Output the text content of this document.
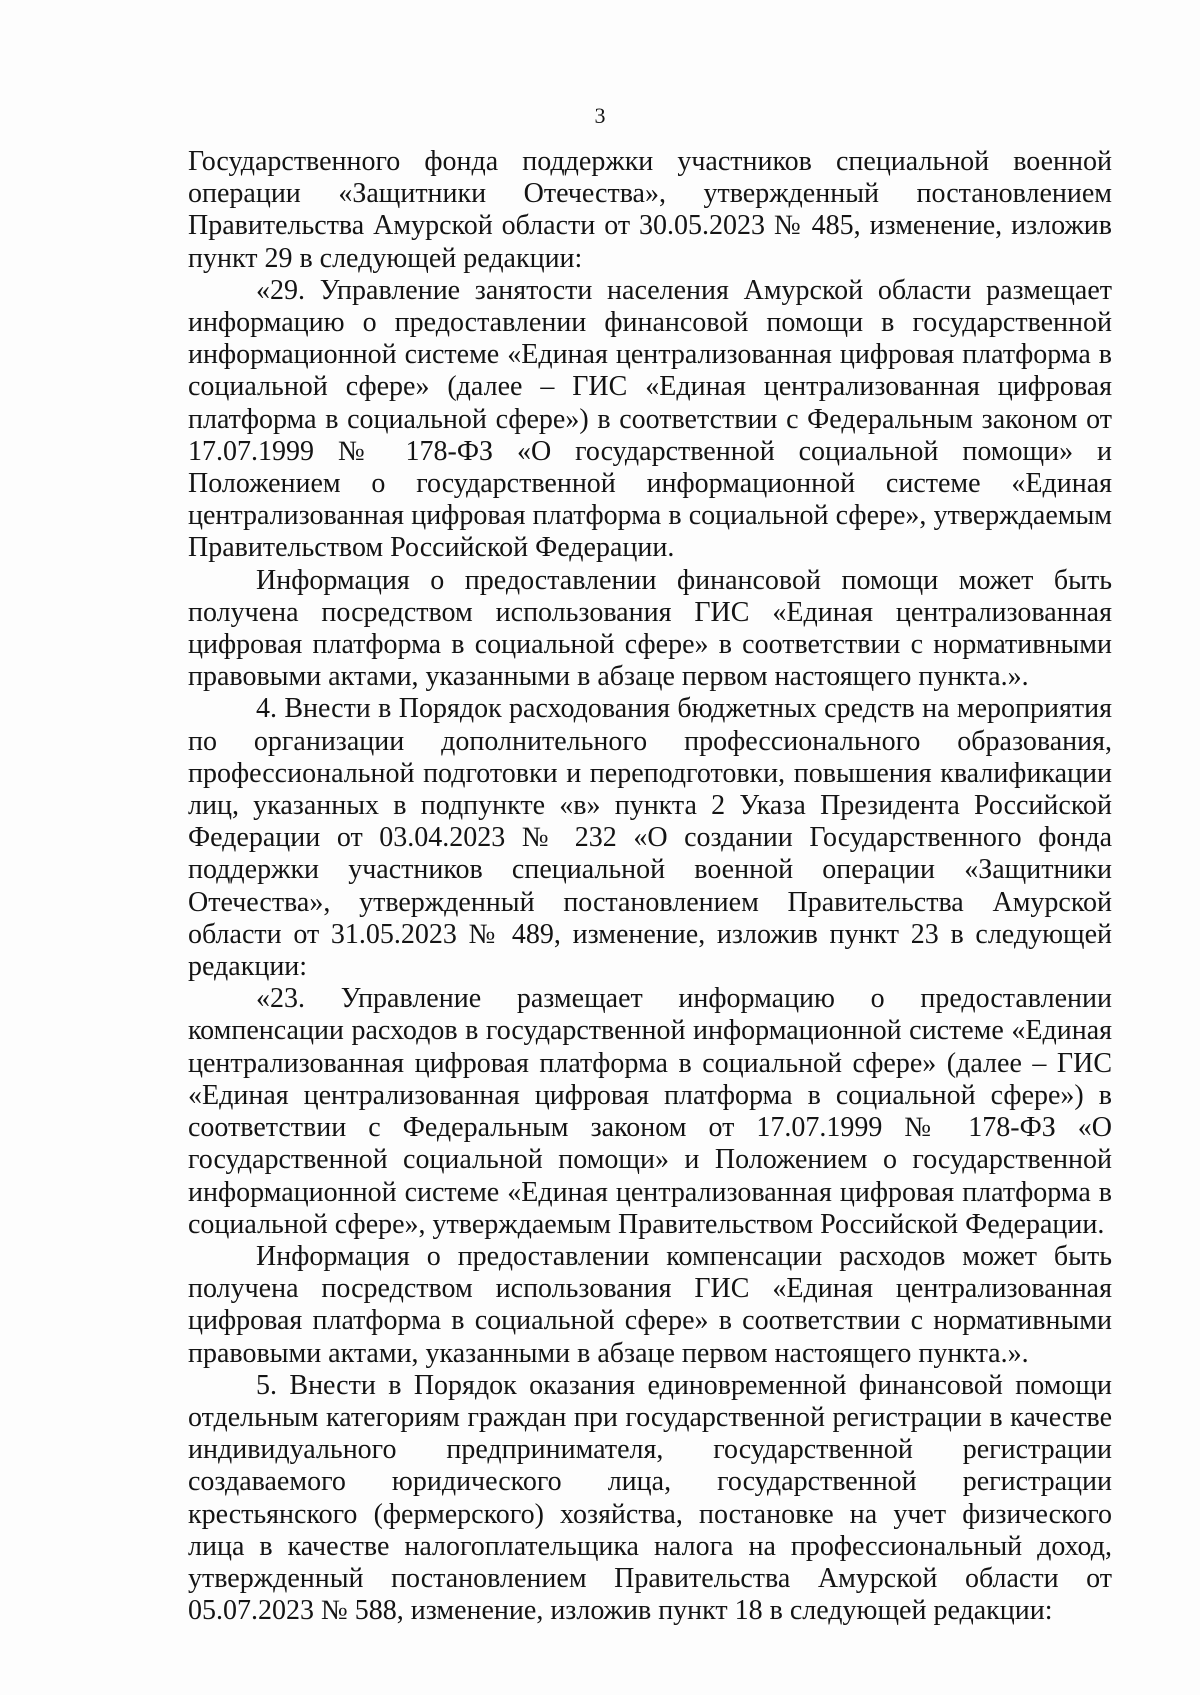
3

Государственного фонда поддержки участников специальной военной операции «Защитники Отечества», утвержденный постановлением Правительства Амурской области от 30.05.2023 № 485, изменение, изложив пункт 29 в следующей редакции:

«29. Управление занятости населения Амурской области размещает информацию о предоставлении финансовой помощи в государственной информационной системе «Единая централизованная цифровая платформа в социальной сфере» (далее – ГИС «Единая централизованная цифровая платформа в социальной сфере») в соответствии с Федеральным законом от 17.07.1999 № 178-ФЗ «О государственной социальной помощи» и Положением о государственной информационной системе «Единая централизованная цифровая платформа в социальной сфере», утверждаемым Правительством Российской Федерации.

Информация о предоставлении финансовой помощи может быть получена посредством использования ГИС «Единая централизованная цифровая платформа в социальной сфере» в соответствии с нормативными правовыми актами, указанными в абзаце первом настоящего пункта.».

4. Внести в Порядок расходования бюджетных средств на мероприятия по организации дополнительного профессионального образования, профессиональной подготовки и переподготовки, повышения квалификации лиц, указанных в подпункте «в» пункта 2 Указа Президента Российской Федерации от 03.04.2023 № 232 «О создании Государственного фонда поддержки участников специальной военной операции «Защитники Отечества», утвержденный постановлением Правительства Амурской области от 31.05.2023 № 489, изменение, изложив пункт 23 в следующей редакции:

«23. Управление размещает информацию о предоставлении компенсации расходов в государственной информационной системе «Единая централизованная цифровая платформа в социальной сфере» (далее – ГИС «Единая централизованная цифровая платформа в социальной сфере») в соответствии с Федеральным законом от 17.07.1999 № 178-ФЗ «О государственной социальной помощи» и Положением о государственной информационной системе «Единая централизованная цифровая платформа в социальной сфере», утверждаемым Правительством Российской Федерации.

Информация о предоставлении компенсации расходов может быть получена посредством использования ГИС «Единая централизованная цифровая платформа в социальной сфере» в соответствии с нормативными правовыми актами, указанными в абзаце первом настоящего пункта.».

5. Внести в Порядок оказания единовременной финансовой помощи отдельным категориям граждан при государственной регистрации в качестве индивидуального предпринимателя, государственной регистрации создаваемого юридического лица, государственной регистрации крестьянского (фермерского) хозяйства, постановке на учет физического лица в качестве налогоплательщика налога на профессиональный доход, утвержденный постановлением Правительства Амурской области от 05.07.2023 № 588, изменение, изложив пункт 18 в следующей редакции:
